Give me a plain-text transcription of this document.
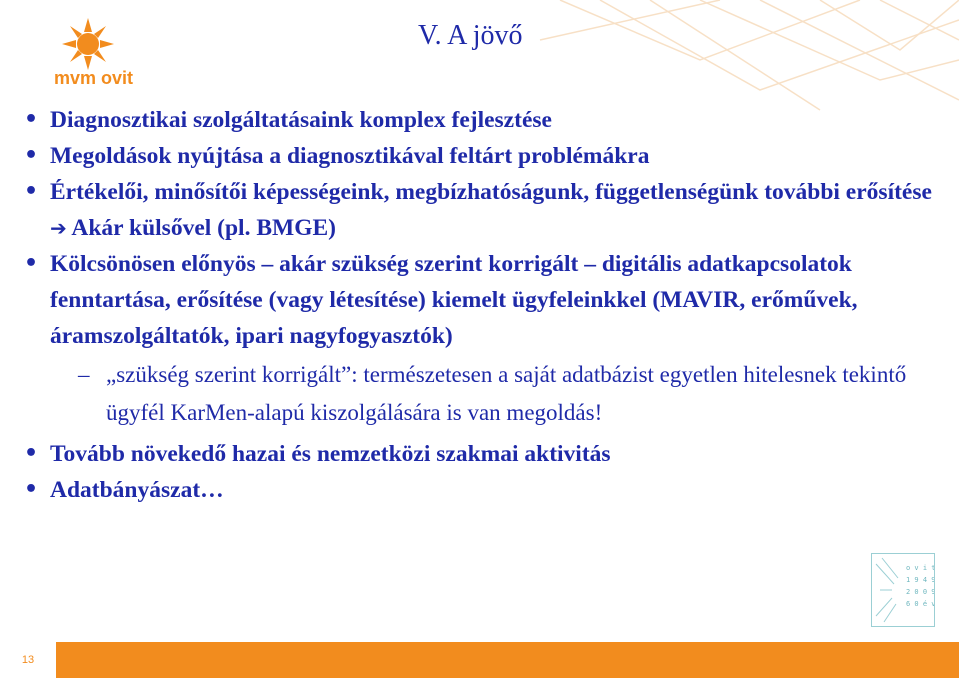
mvm ovit
V. A jövő
• Diagnosztikai szolgáltatásaink komplex fejlesztése
• Megoldások nyújtása a diagnosztikával feltárt problémákra
• Értékelői, minősítői képességeink, megbízhatóságunk, függetlenségünk további erősítése ➔ Akár külsővel (pl. BMGE)
• Kölcsönösen előnyös – akár szükség szerint korrigált – digitális adatkapcsolatok fenntartása, erősítése (vagy létesítése) kiemelt ügyfeleinkkel (MAVIR, erőművek, áramszolgáltatók, ipari nagyfogyasztók)
– „szükség szerint korrigált”: természetesen a saját adatbázist egyetlen hitelesnek tekintő ügyfél KarMen-alapú kiszolgálására is van megoldás!
• Tovább növekedő hazai és nemzetközi szakmai aktivitás
• Adatbányászat…
o v i t
1 9 4 9
2 0 0 9
6 0 é v
13
